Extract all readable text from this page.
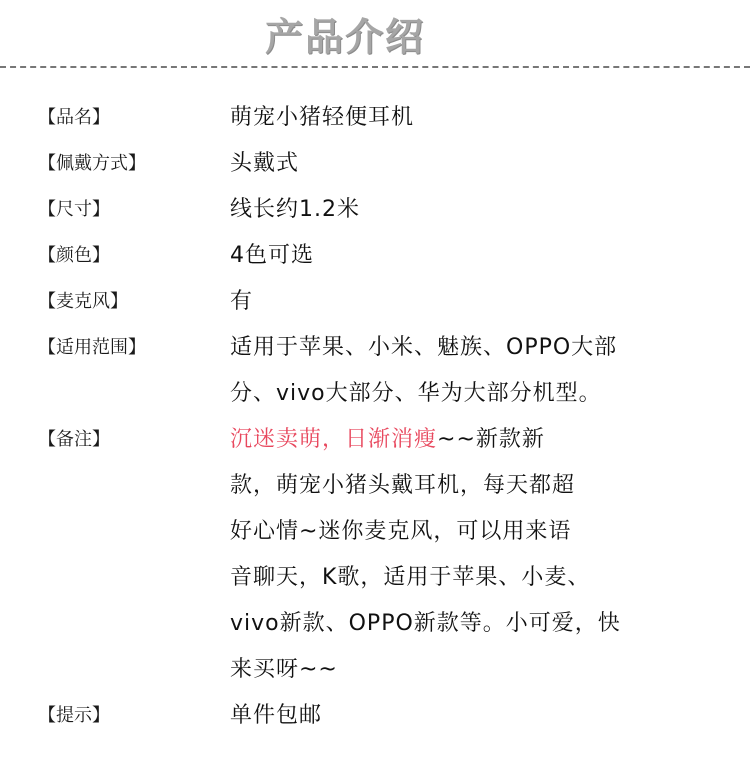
产品介绍
【品名】	萌宠小猪轻便耳机
【佩戴方式】	头戴式
【尺寸】	线长约1.2米
【颜色】	4色可选
【麦克风】	有
【适用范围】	适用于苹果、小米、魅族、OPPO大部
分、vivo大部分、华为大部分机型。
【备注】	沉迷卖萌，日渐消瘦~~新款新
款，萌宠小猪头戴耳机，每天都超
好心情~迷你麦克风，可以用来语
音聊天，K歌，适用于苹果、小麦、
vivo新款、OPPO新款等。小可爱，快
来买呀~~
【提示】	单件包邮
